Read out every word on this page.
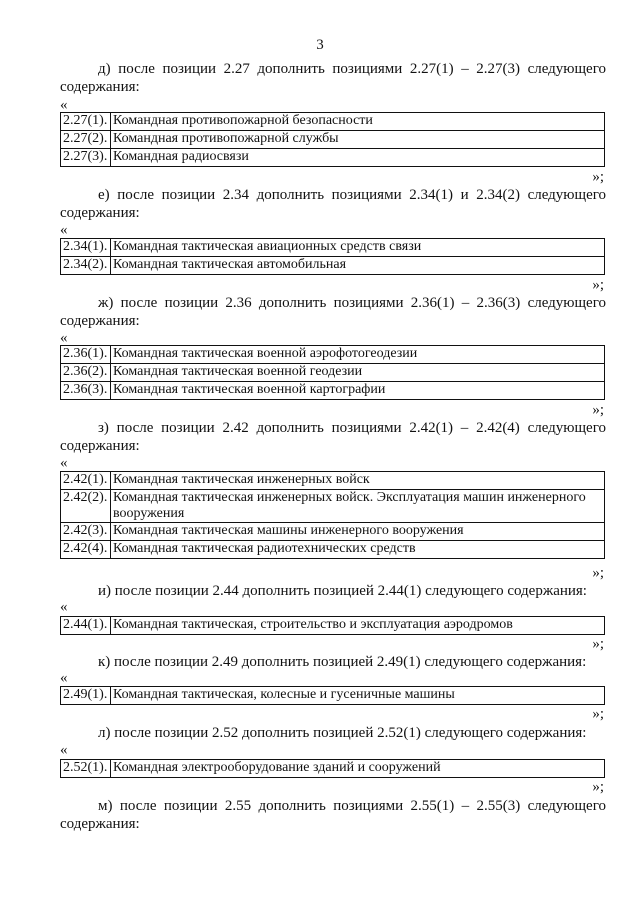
3
д) после позиции 2.27 дополнить позициями 2.27(1) – 2.27(3) следующего
содержания:
«
2.27(1).	Командная противопожарной безопасности
2.27(2).	Командная противопожарной службы
2.27(3).	Командная радиосвязи
»;
е) после позиции 2.34 дополнить позициями 2.34(1) и 2.34(2) следующего
содержания:
«
2.34(1).	Командная тактическая авиационных средств связи
2.34(2).	Командная тактическая автомобильная
»;
ж) после позиции 2.36 дополнить позициями 2.36(1) – 2.36(3) следующего
содержания:
«
2.36(1).	Командная тактическая военной аэрофотогеодезии
2.36(2).	Командная тактическая военной геодезии
2.36(3).	Командная тактическая военной картографии
»;
з) после позиции 2.42 дополнить позициями 2.42(1) – 2.42(4) следующего
содержания:
«
2.42(1).	Командная тактическая инженерных войск
2.42(2).	Командная тактическая инженерных войск. Эксплуатация машин инженерного вооружения
2.42(3).	Командная тактическая машины инженерного вооружения
2.42(4).	Командная тактическая радиотехнических средств
»;
и) после позиции 2.44 дополнить позицией 2.44(1) следующего содержания:
«
2.44(1).	Командная тактическая, строительство и эксплуатация аэродромов
»;
к) после позиции 2.49 дополнить позицией 2.49(1) следующего содержания:
«
2.49(1).	Командная тактическая, колесные и гусеничные машины
»;
л) после позиции 2.52 дополнить позицией 2.52(1) следующего содержания:
«
2.52(1).	Командная электрооборудование зданий и сооружений
»;
м) после позиции 2.55 дополнить позициями 2.55(1) – 2.55(3) следующего
содержания:
